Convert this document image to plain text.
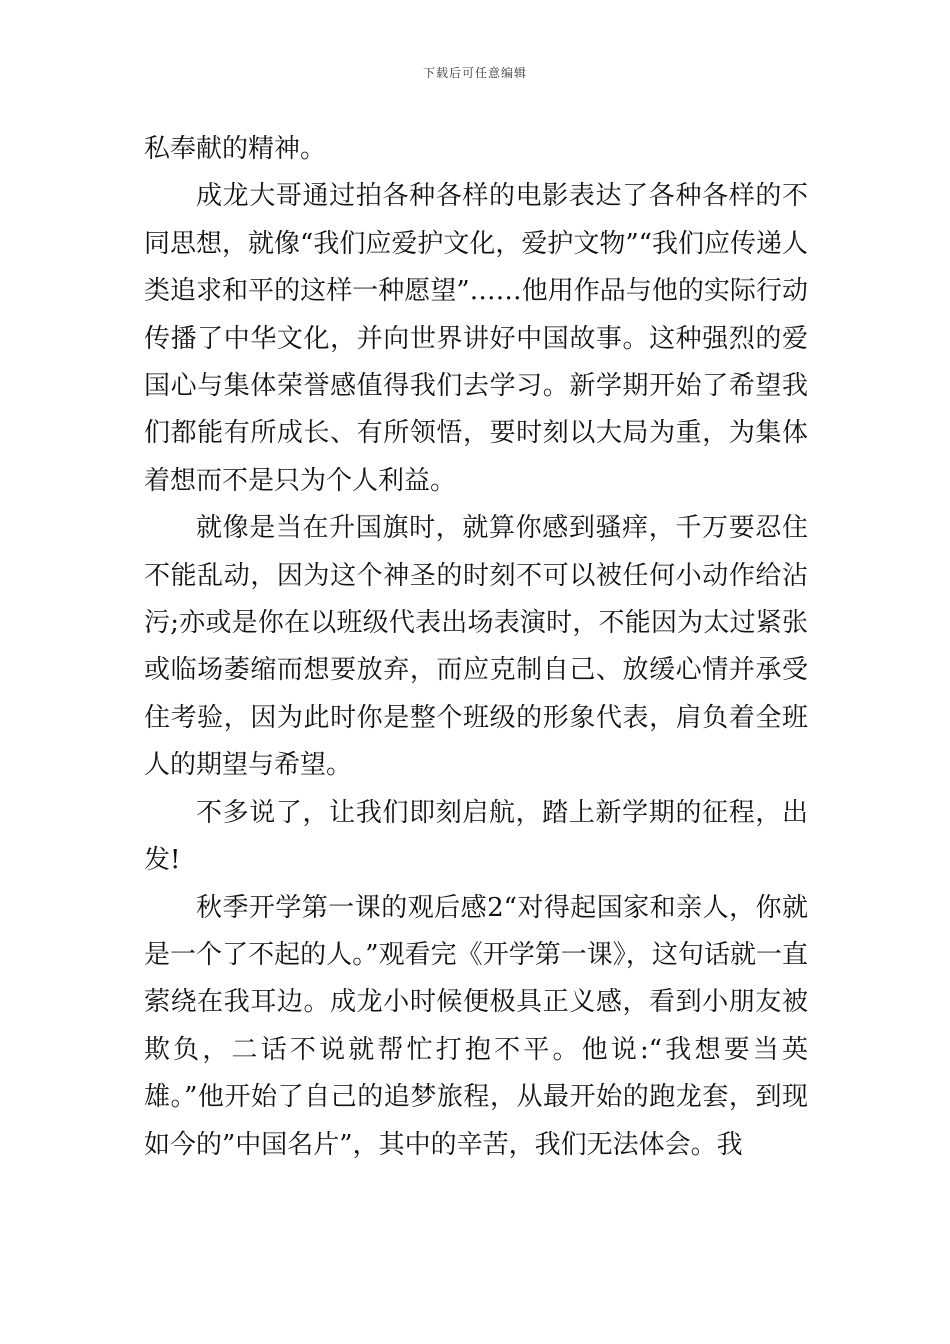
下载后可任意编辑

私奉献的精神。

成龙大哥通过拍各种各样的电影表达了各种各样的不同思想，就像“我们应爱护文化，爱护文物”“我们应传递人类追求和平的这样一种愿望”……他用作品与他的实际行动传播了中华文化，并向世界讲好中国故事。这种强烈的爱国心与集体荣誉感值得我们去学习。新学期开始了希望我们都能有所成长、有所领悟，要时刻以大局为重，为集体着想而不是只为个人利益。

就像是当在升国旗时，就算你感到骚痒，千万要忍住不能乱动，因为这个神圣的时刻不可以被任何小动作给沾污;亦或是你在以班级代表出场表演时，不能因为太过紧张或临场萎缩而想要放弃，而应克制自己、放缓心情并承受住考验，因为此时你是整个班级的形象代表，肩负着全班人的期望与希望。

不多说了，让我们即刻启航，踏上新学期的征程，出发!

秋季开学第一课的观后感2“对得起国家和亲人，你就是一个了不起的人。”观看完《开学第一课》，这句话就一直萦绕在我耳边。成龙小时候便极具正义感，看到小朋友被欺负，二话不说就帮忙打抱不平。他说:“我想要当英雄。”他开始了自己的追梦旅程，从最开始的跑龙套，到现如今的”中国名片”，其中的辛苦，我们无法体会。我
